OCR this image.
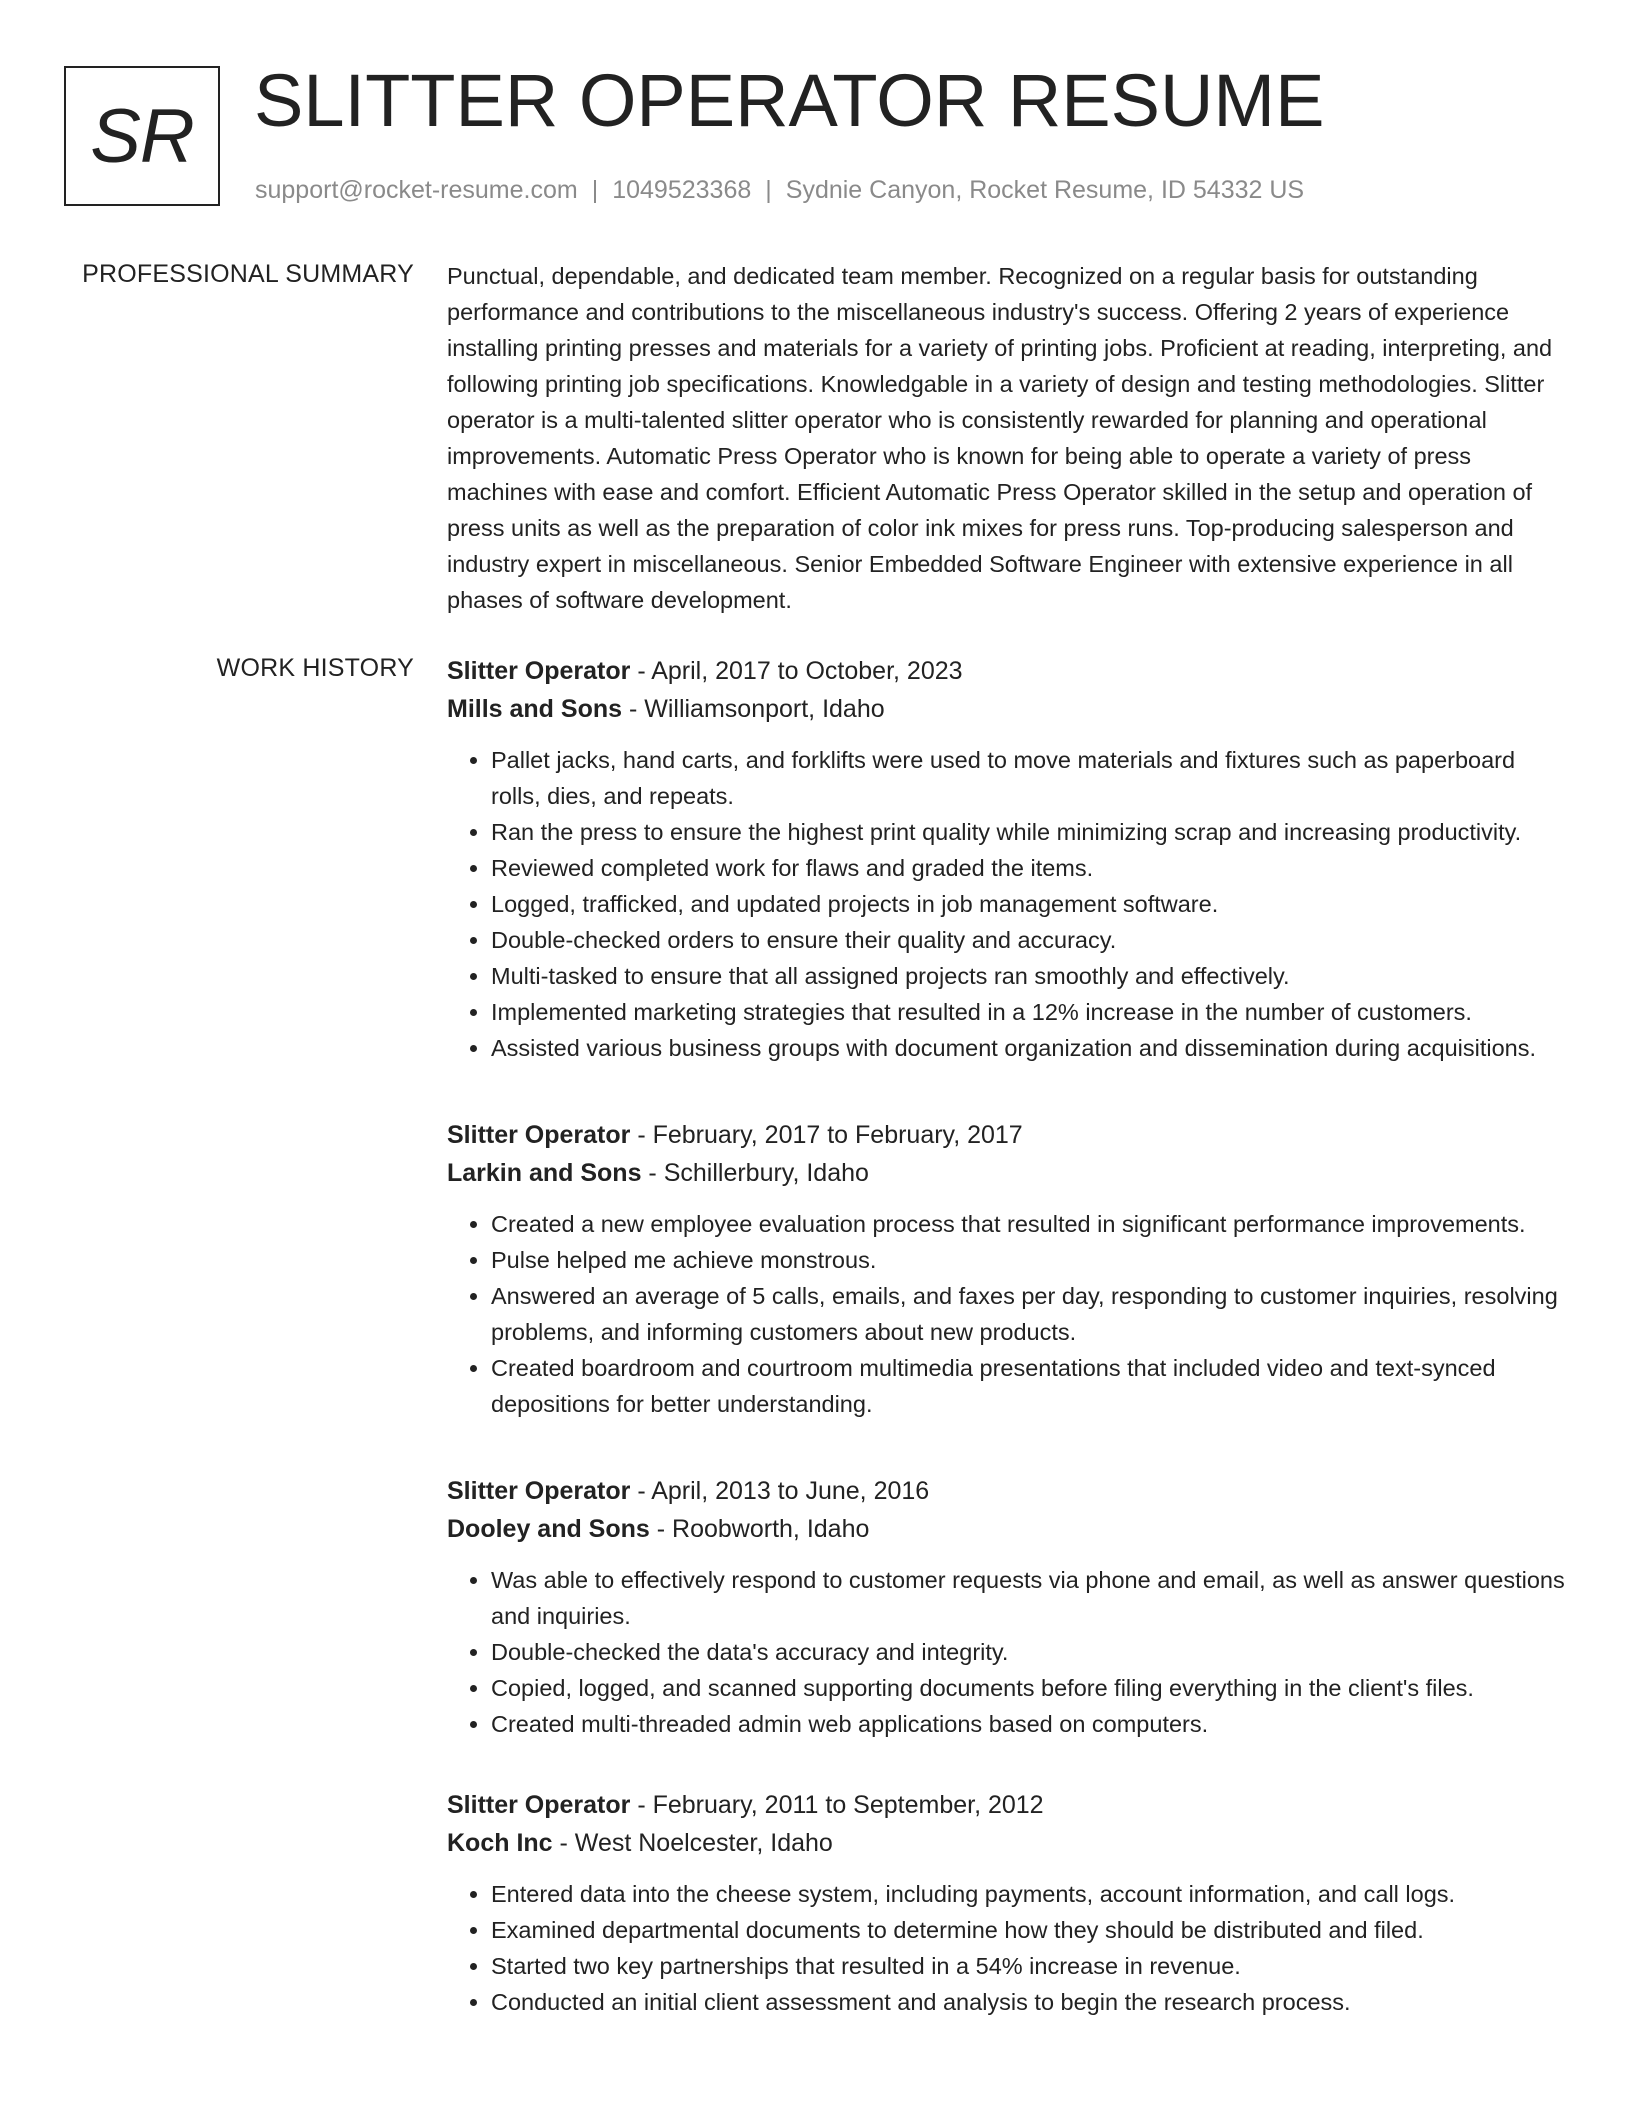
SR SLITTER OPERATOR RESUME
support@rocket-resume.com | 1049523368 | Sydnie Canyon, Rocket Resume, ID 54332 US
PROFESSIONAL SUMMARY Punctual, dependable, and dedicated team member. Recognized on a regular basis for outstanding performance and contributions to the miscellaneous industry's success. Offering 2 years of experience installing printing presses and materials for a variety of printing jobs. Proficient at reading, interpreting, and following printing job specifications. Knowledgable in a variety of design and testing methodologies. Slitter operator is a multi-talented slitter operator who is consistently rewarded for planning and operational improvements. Automatic Press Operator who is known for being able to operate a variety of press machines with ease and comfort. Efficient Automatic Press Operator skilled in the setup and operation of press units as well as the preparation of color ink mixes for press runs. Top-producing salesperson and industry expert in miscellaneous. Senior Embedded Software Engineer with extensive experience in all phases of software development.

WORK HISTORY Slitter Operator - April, 2017 to October, 2023
Mills and Sons - Williamsonport, Idaho
• Pallet jacks, hand carts, and forklifts were used to move materials and fixtures such as paperboard rolls, dies, and repeats.
• Ran the press to ensure the highest print quality while minimizing scrap and increasing productivity.
• Reviewed completed work for flaws and graded the items.
• Logged, trafficked, and updated projects in job management software.
• Double-checked orders to ensure their quality and accuracy.
• Multi-tasked to ensure that all assigned projects ran smoothly and effectively.
• Implemented marketing strategies that resulted in a 12% increase in the number of customers.
• Assisted various business groups with document organization and dissemination during acquisitions.
Slitter Operator - February, 2017 to February, 2017
Larkin and Sons - Schillerbury, Idaho
• Created a new employee evaluation process that resulted in significant performance improvements.
• Pulse helped me achieve monstrous.
• Answered an average of 5 calls, emails, and faxes per day, responding to customer inquiries, resolving problems, and informing customers about new products.
• Created boardroom and courtroom multimedia presentations that included video and text-synced depositions for better understanding.
Slitter Operator - April, 2013 to June, 2016
Dooley and Sons - Roobworth, Idaho
• Was able to effectively respond to customer requests via phone and email, as well as answer questions and inquiries.
• Double-checked the data's accuracy and integrity.
• Copied, logged, and scanned supporting documents before filing everything in the client's files.
• Created multi-threaded admin web applications based on computers.
Slitter Operator - February, 2011 to September, 2012
Koch Inc - West Noelcester, Idaho
• Entered data into the cheese system, including payments, account information, and call logs.
• Examined departmental documents to determine how they should be distributed and filed.
• Started two key partnerships that resulted in a 54% increase in revenue.
• Conducted an initial client assessment and analysis to begin the research process.
